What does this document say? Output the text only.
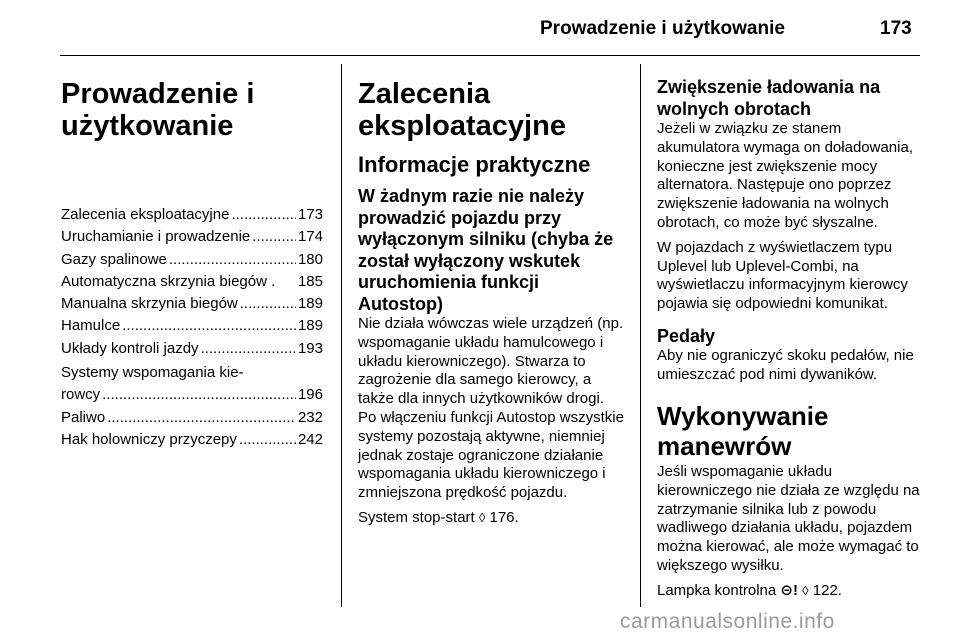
Prowadzenie i użytkowanie	173
Prowadzenie i
użytkowanie
Zalecenia eksploatacyjne .....	173
Uruchamianie i prowadzenie .....	174
Gazy spalinowe .....	180
Automatyczna skrzynia biegów . 185
Manualna skrzynia biegów .....	189
Hamulce .....	189
Układy kontroli jazdy .....	193
Systemy wspomagania kie-
rowcy .....	196
Paliwo .....	232
Hak holowniczy przyczepy .....	242
Zalecenia
eksploatacyjne
Informacje praktyczne
W żadnym razie nie należy prowadzić pojazdu przy wyłączonym silniku (chyba że został wyłączony wskutek uruchomienia funkcji Autostop)

Nie działa wówczas wiele urządzeń (np. wspomaganie układu hamulcowego i układu kierowniczego). Stwarza to zagrożenie dla samego kierowcy, a także dla innych użytkowników drogi. Po włączeniu funkcji Autostop wszystkie systemy pozostają aktywne, niemniej jednak zostaje ograniczone działanie wspomagania układu kierowniczego i zmniejszona prędkość pojazdu.

System stop-start ◊ 176.

Zwiększenie ładowania na wolnych obrotach

Jeżeli w związku ze stanem akumulatora wymaga on doładowania, konieczne jest zwiększenie mocy alternatora. Następuje ono poprzez zwiększenie ładowania na wolnych obrotach, co może być słyszalne.

W pojazdach z wyświetlaczem typu Uplevel lub Uplevel-Combi, na wyświetlaczu informacyjnym kierowcy pojawia się odpowiedni komunikat.

Pedały

Aby nie ograniczyć skoku pedałów, nie umieszczać pod nimi dywaników.

Wykonywanie manewrów

Jeśli wspomaganie układu kierowniczego nie działa ze względu na zatrzymanie silnika lub z powodu wadliwego działania układu, pojazdem można kierować, ale może wymagać to większego wysiłku.

Lampka kontrolna ⊝! ◊ 122.

carmanualsonline.info
